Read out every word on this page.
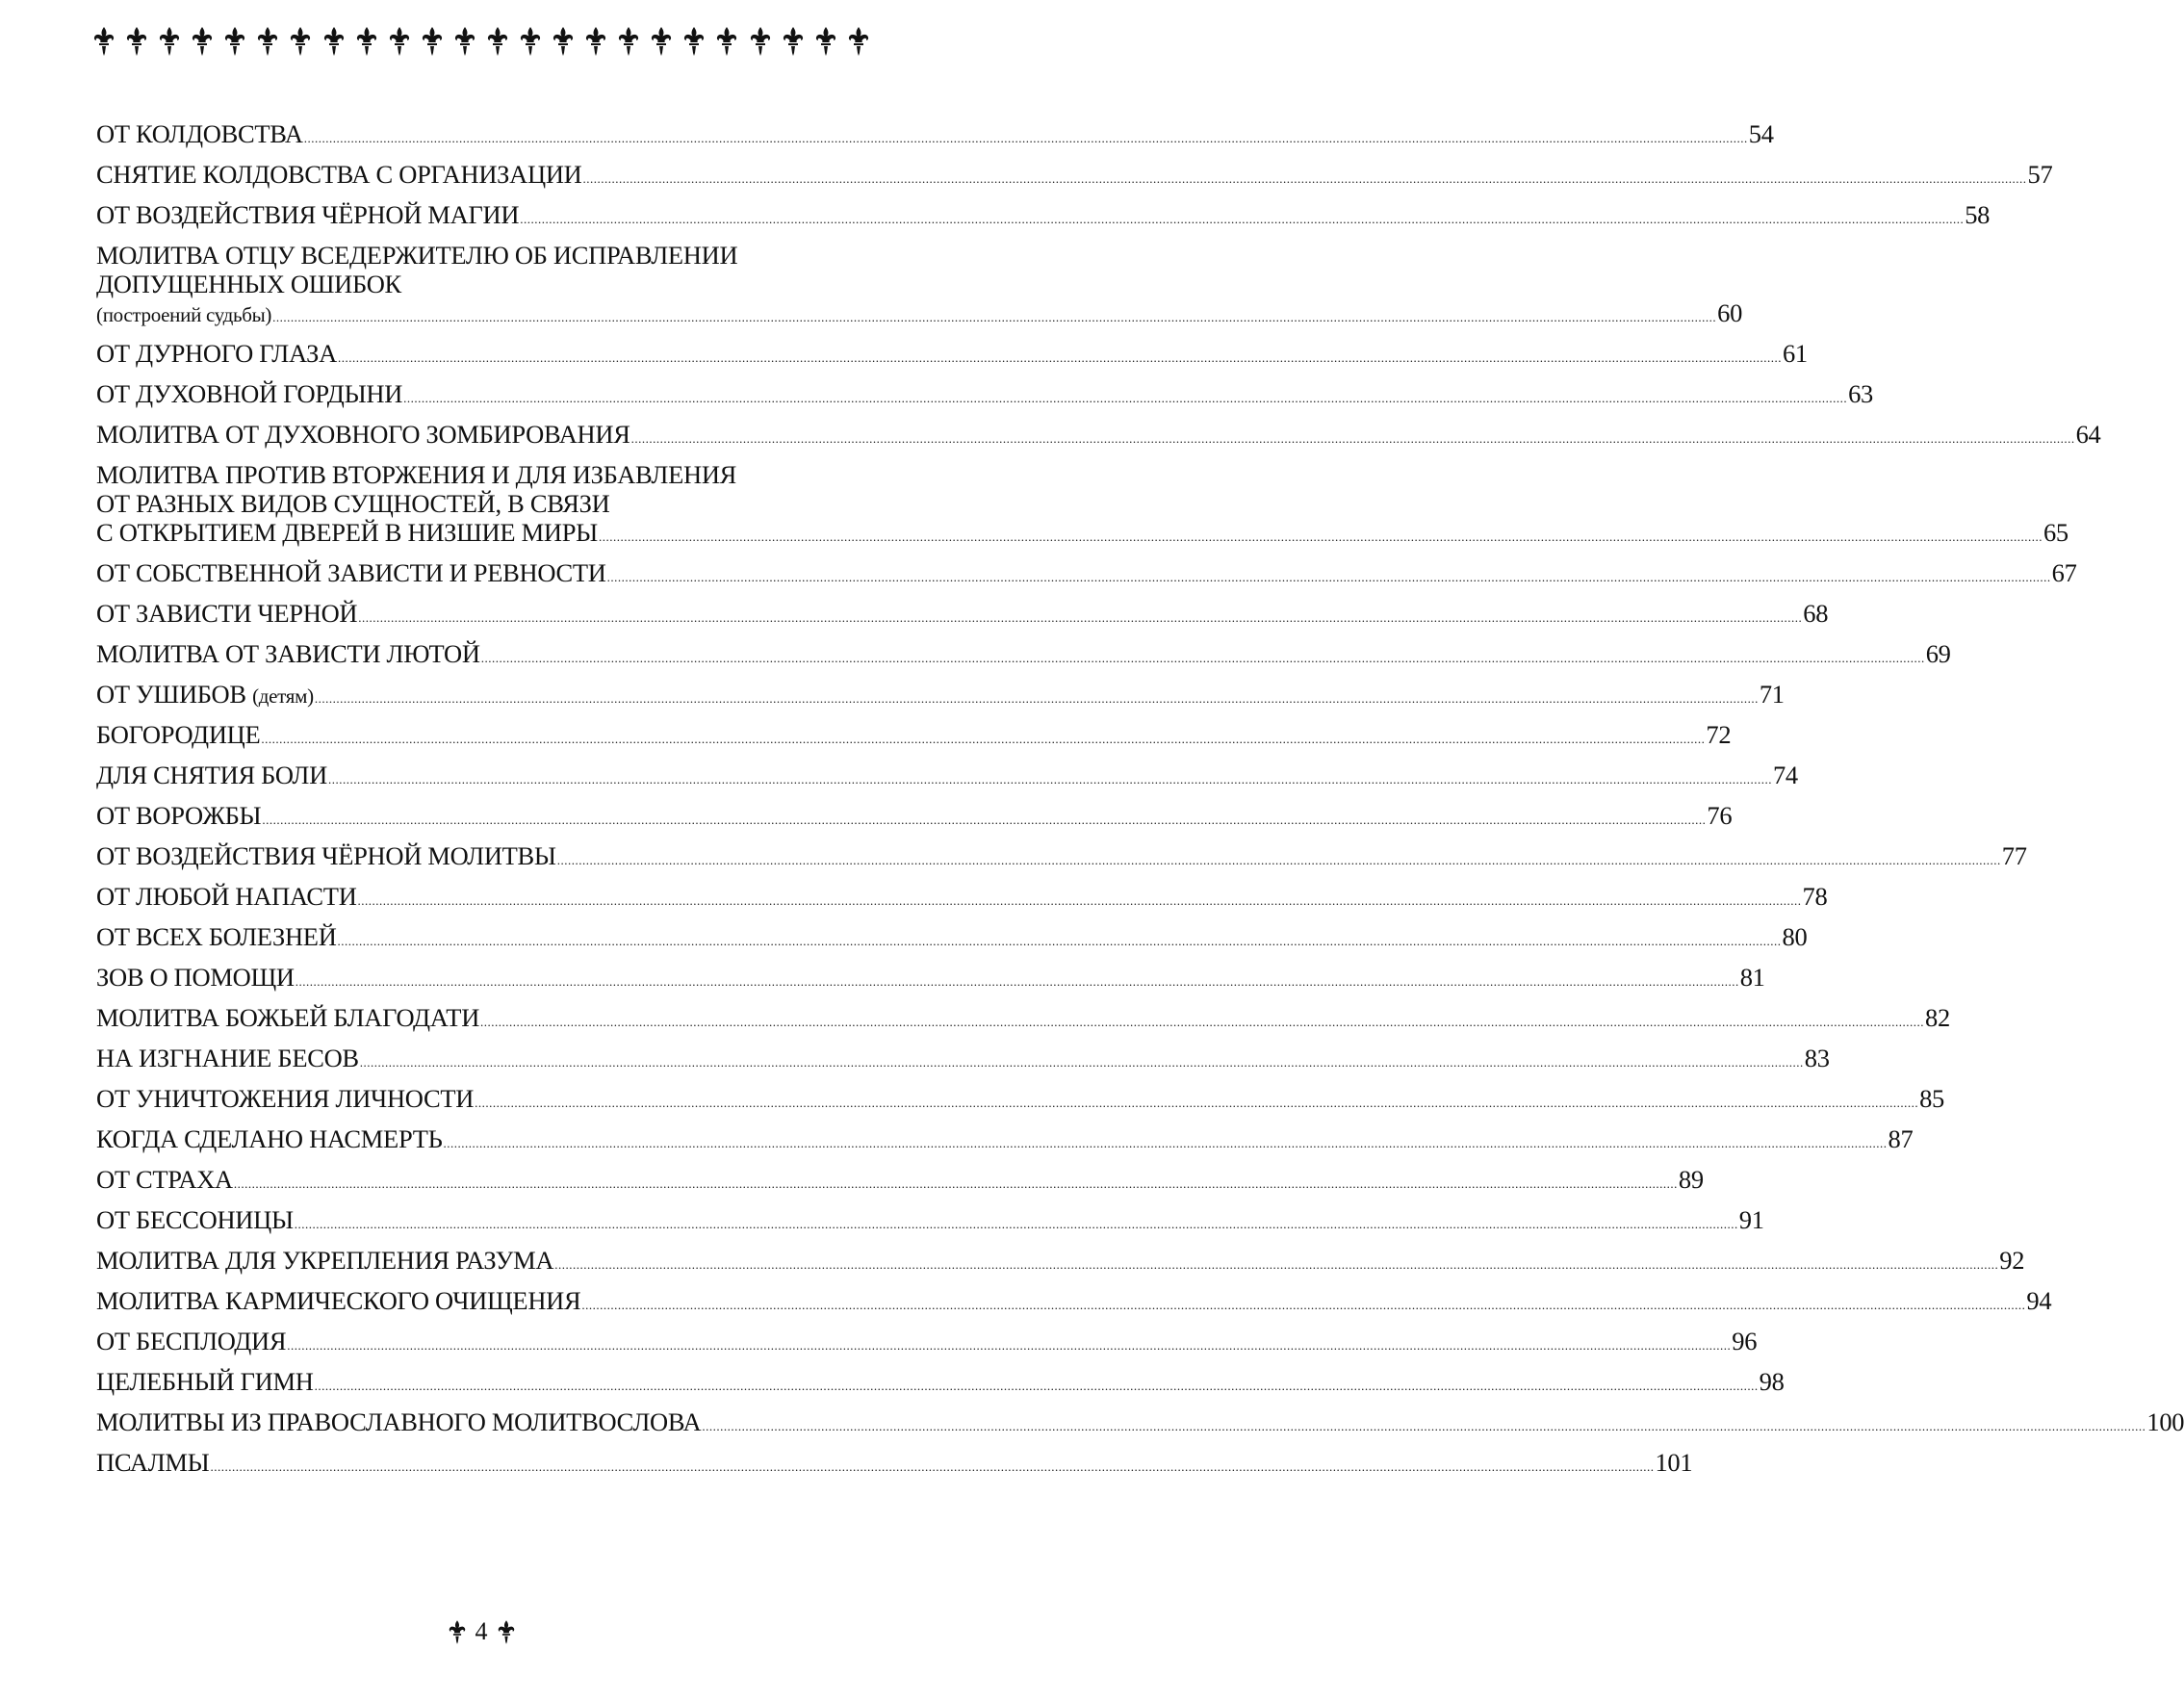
ОТ КОЛДОВСТВА ................................................................................................................................................................................................................................................................................................................................................................................................................ 54
СНЯТИЕ КОЛДОВСТВА С ОРГАНИЗАЦИИ ................................................................................................................................................................................................................................................................................................................................................................................................................ 57
ОТ ВОЗДЕЙСТВИЯ ЧЁРНОЙ МАГИИ ................................................................................................................................................................................................................................................................................................................................................................................................................ 58
МОЛИТВА ОТЦУ ВСЕДЕРЖИТЕЛЮ ОБ ИСПРАВЛЕНИИ
ДОПУЩЕННЫХ ОШИБОК
(построений судьбы) ................................................................................................................................................................................................................................................................................................................................................................................................................ 60
ОТ ДУРНОГО ГЛАЗА ................................................................................................................................................................................................................................................................................................................................................................................................................ 61
ОТ ДУХОВНОЙ ГОРДЫНИ ................................................................................................................................................................................................................................................................................................................................................................................................................ 63
МОЛИТВА ОТ ДУХОВНОГО ЗОМБИРОВАНИЯ ................................................................................................................................................................................................................................................................................................................................................................................................................ 64
МОЛИТВА ПРОТИВ ВТОРЖЕНИЯ И ДЛЯ ИЗБАВЛЕНИЯ
ОТ РАЗНЫХ ВИДОВ СУЩНОСТЕЙ, В СВЯЗИ
С ОТКРЫТИЕМ ДВЕРЕЙ В НИЗШИЕ МИРЫ ................................................................................................................................................................................................................................................................................................................................................................................................................ 65
ОТ СОБСТВЕННОЙ ЗАВИСТИ И РЕВНОСТИ ................................................................................................................................................................................................................................................................................................................................................................................................................ 67
ОТ ЗАВИСТИ ЧЕРНОЙ ................................................................................................................................................................................................................................................................................................................................................................................................................ 68
МОЛИТВА ОТ ЗАВИСТИ ЛЮТОЙ ................................................................................................................................................................................................................................................................................................................................................................................................................ 69
ОТ УШИБОВ (детям) ................................................................................................................................................................................................................................................................................................................................................................................................................ 71
БОГОРОДИЦЕ ................................................................................................................................................................................................................................................................................................................................................................................................................ 72
ДЛЯ СНЯТИЯ БОЛИ ................................................................................................................................................................................................................................................................................................................................................................................................................ 74
ОТ ВОРОЖБЫ ................................................................................................................................................................................................................................................................................................................................................................................................................ 76
ОТ ВОЗДЕЙСТВИЯ ЧЁРНОЙ МОЛИТВЫ ................................................................................................................................................................................................................................................................................................................................................................................................................ 77
ОТ ЛЮБОЙ НАПАСТИ ................................................................................................................................................................................................................................................................................................................................................................................................................ 78
ОТ ВСЕХ БОЛЕЗНЕЙ ................................................................................................................................................................................................................................................................................................................................................................................................................ 80
ЗОВ О ПОМОЩИ ................................................................................................................................................................................................................................................................................................................................................................................................................ 81
МОЛИТВА БОЖЬЕЙ БЛАГОДАТИ ................................................................................................................................................................................................................................................................................................................................................................................................................ 82
НА ИЗГНАНИЕ БЕСОВ ................................................................................................................................................................................................................................................................................................................................................................................................................ 83
ОТ УНИЧТОЖЕНИЯ ЛИЧНОСТИ ................................................................................................................................................................................................................................................................................................................................................................................................................ 85
КОГДА СДЕЛАНО НАСМЕРТЬ ................................................................................................................................................................................................................................................................................................................................................................................................................ 87
ОТ СТРАХА ................................................................................................................................................................................................................................................................................................................................................................................................................ 89
ОТ БЕССОНИЦЫ ................................................................................................................................................................................................................................................................................................................................................................................................................ 91
МОЛИТВА ДЛЯ УКРЕПЛЕНИЯ РАЗУМА ................................................................................................................................................................................................................................................................................................................................................................................................................ 92
МОЛИТВА КАРМИЧЕСКОГО ОЧИЩЕНИЯ ................................................................................................................................................................................................................................................................................................................................................................................................................ 94
ОТ БЕСПЛОДИЯ ................................................................................................................................................................................................................................................................................................................................................................................................................ 96
ЦЕЛЕБНЫЙ ГИМН ................................................................................................................................................................................................................................................................................................................................................................................................................ 98
МОЛИТВЫ ИЗ ПРАВОСЛАВНОГО МОЛИТВОСЛОВА ................................................................................................................................................................................................................................................................................................................................................................................................................ 100
ПСАЛМЫ ................................................................................................................................................................................................................................................................................................................................................................................................................ 101
4
